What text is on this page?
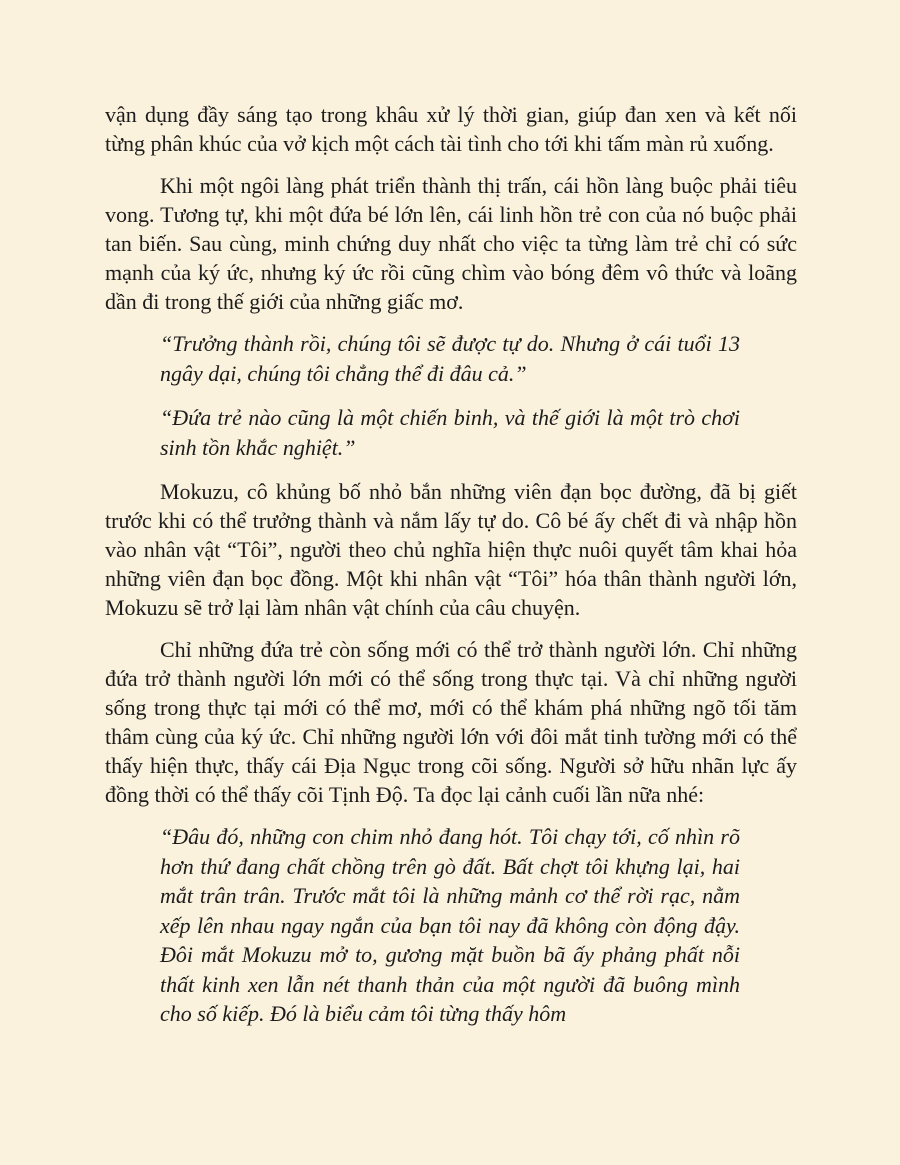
vận dụng đầy sáng tạo trong khâu xử lý thời gian, giúp đan xen và kết nối từng phân khúc của vở kịch một cách tài tình cho tới khi tấm màn rủ xuống.

Khi một ngôi làng phát triển thành thị trấn, cái hồn làng buộc phải tiêu vong. Tương tự, khi một đứa bé lớn lên, cái linh hồn trẻ con của nó buộc phải tan biến. Sau cùng, minh chứng duy nhất cho việc ta từng làm trẻ chỉ có sức mạnh của ký ức, nhưng ký ức rồi cũng chìm vào bóng đêm vô thức và loãng dần đi trong thế giới của những giấc mơ.

“Trưởng thành rồi, chúng tôi sẽ được tự do. Nhưng ở cái tuổi 13 ngây dại, chúng tôi chẳng thể đi đâu cả.”

“Đứa trẻ nào cũng là một chiến binh, và thế giới là một trò chơi sinh tồn khắc nghiệt.”

Mokuzu, cô khủng bố nhỏ bắn những viên đạn bọc đường, đã bị giết trước khi có thể trưởng thành và nắm lấy tự do. Cô bé ấy chết đi và nhập hồn vào nhân vật “Tôi”, người theo chủ nghĩa hiện thực nuôi quyết tâm khai hỏa những viên đạn bọc đồng. Một khi nhân vật “Tôi” hóa thân thành người lớn, Mokuzu sẽ trở lại làm nhân vật chính của câu chuyện.

Chỉ những đứa trẻ còn sống mới có thể trở thành người lớn. Chỉ những đứa trở thành người lớn mới có thể sống trong thực tại. Và chỉ những người sống trong thực tại mới có thể mơ, mới có thể khám phá những ngõ tối tăm thâm cùng của ký ức. Chỉ những người lớn với đôi mắt tinh tường mới có thể thấy hiện thực, thấy cái Địa Ngục trong cõi sống. Người sở hữu nhãn lực ấy đồng thời có thể thấy cõi Tịnh Độ. Ta đọc lại cảnh cuối lần nữa nhé:

“Đâu đó, những con chim nhỏ đang hót. Tôi chạy tới, cố nhìn rõ hơn thứ đang chất chồng trên gò đất. Bất chợt tôi khựng lại, hai mắt trân trân. Trước mắt tôi là những mảnh cơ thể rời rạc, nằm xếp lên nhau ngay ngắn của bạn tôi nay đã không còn động đậy. Đôi mắt Mokuzu mở to, gương mặt buồn bã ấy phảng phất nỗi thất kinh xen lẫn nét thanh thản của một người đã buông mình cho số kiếp. Đó là biểu cảm tôi từng thấy hôm
